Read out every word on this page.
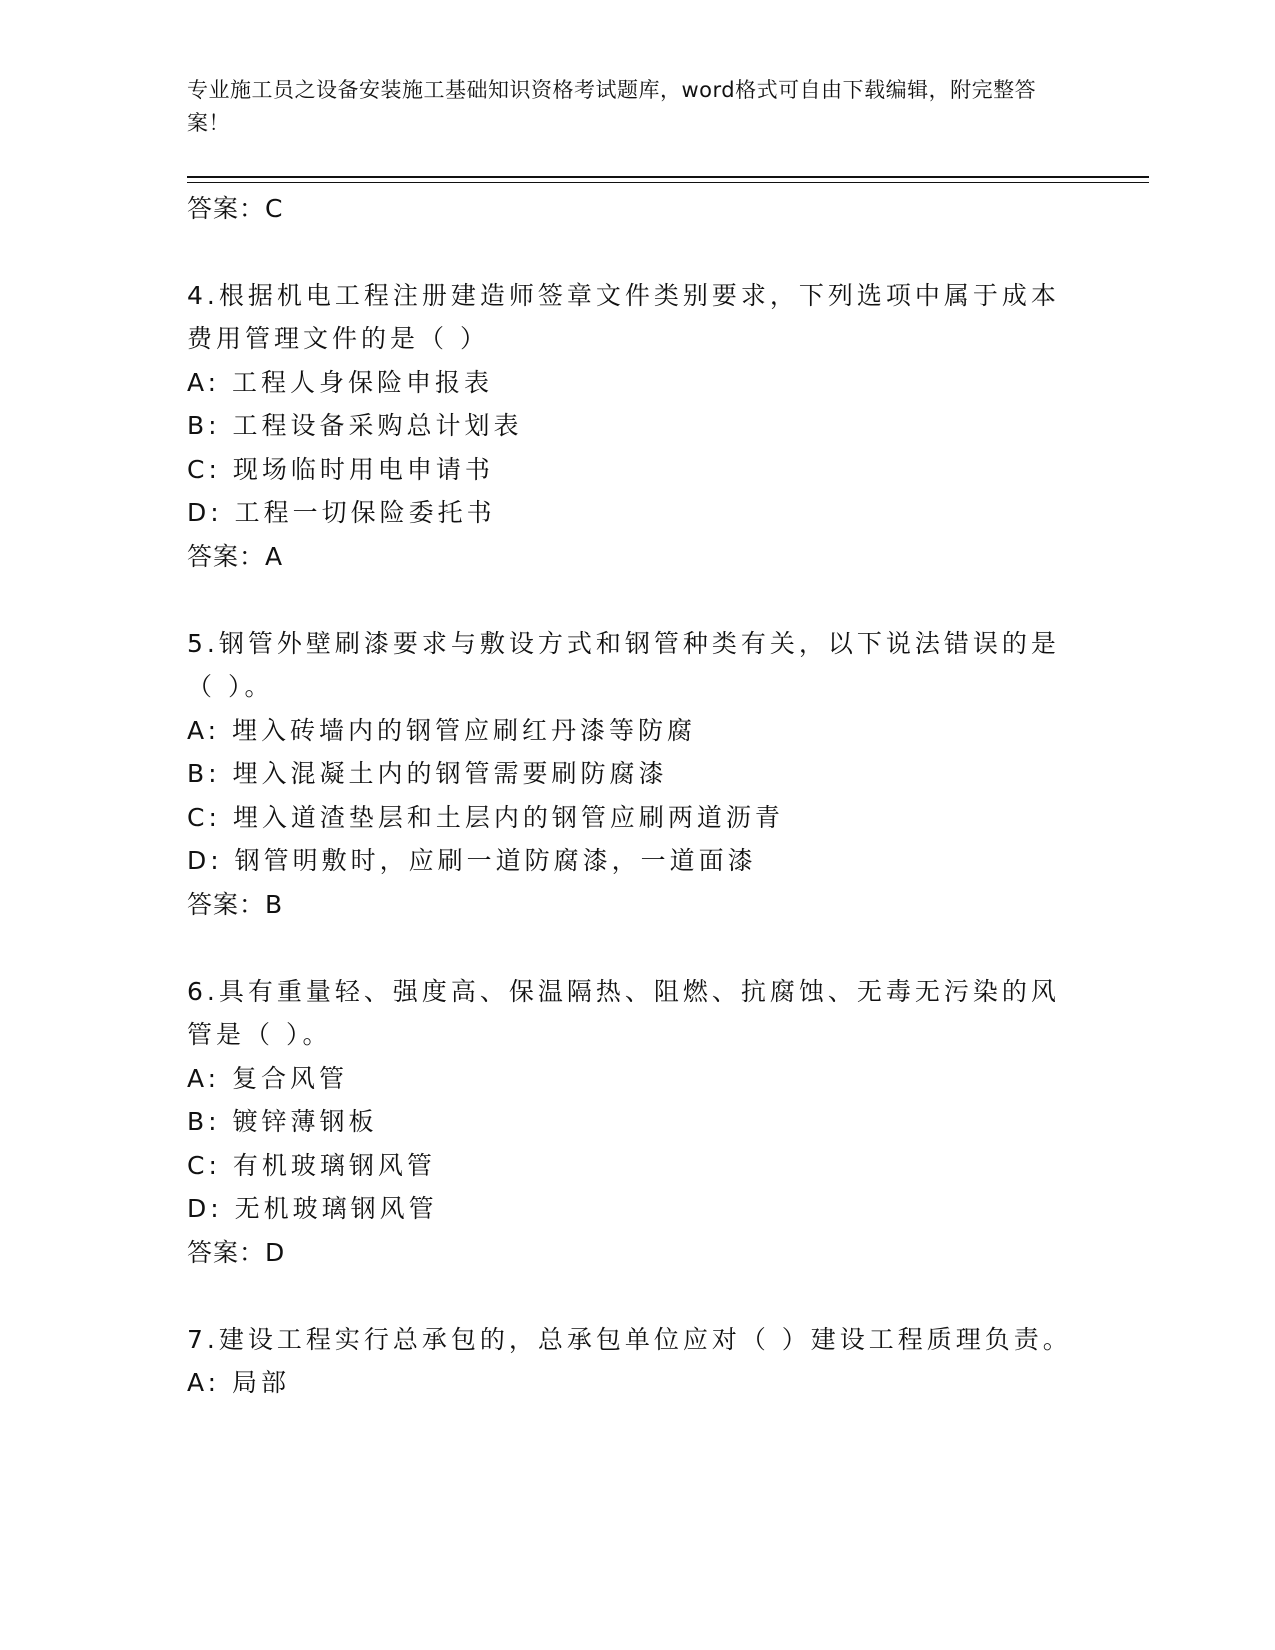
专业施工员之设备安装施工基础知识资格考试题库，word格式可自由下载编辑，附完整答案！
答案：C
4.根据机电工程注册建造师签章文件类别要求，下列选项中属于成本
费用管理文件的是（ ）
A: 工程人身保险申报表
B: 工程设备采购总计划表
C: 现场临时用电申请书
D: 工程一切保险委托书
答案：A
5.钢管外壁刷漆要求与敷设方式和钢管种类有关，以下说法错误的是
（ ）。
A: 埋入砖墙内的钢管应刷红丹漆等防腐
B: 埋入混凝土内的钢管需要刷防腐漆
C: 埋入道渣垫层和土层内的钢管应刷两道沥青
D: 钢管明敷时，应刷一道防腐漆，一道面漆
答案：B
6.具有重量轻、强度高、保温隔热、阻燃、抗腐蚀、无毒无污染的风
管是（ ）。
A: 复合风管
B: 镀锌薄钢板
C: 有机玻璃钢风管
D: 无机玻璃钢风管
答案：D
7.建设工程实行总承包的，总承包单位应对（ ）建设工程质理负责。
A: 局部
